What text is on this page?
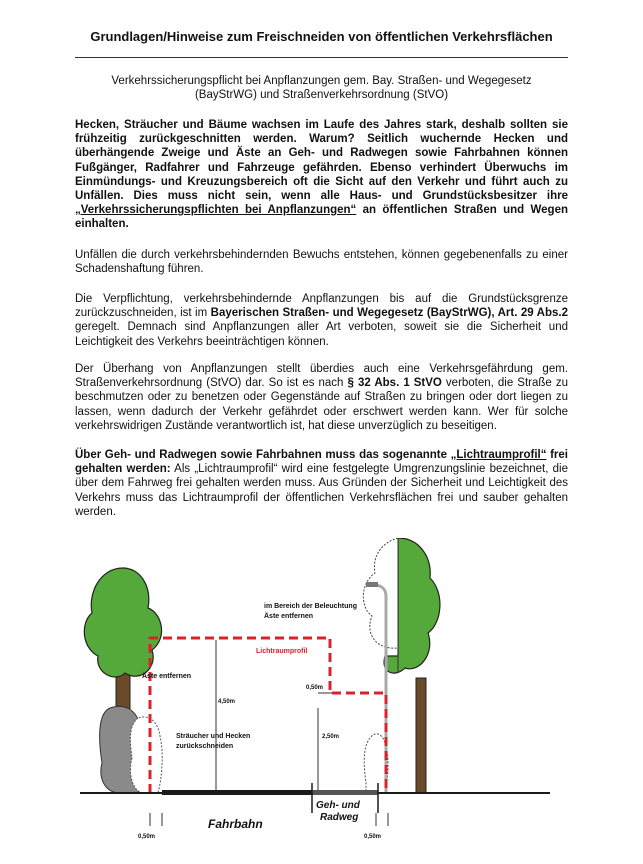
Grundlagen/Hinweise zum Freischneiden von öffentlichen Verkehrsflächen
Verkehrssicherungspflicht bei Anpflanzungen gem. Bay. Straßen- und Wegegesetz
(BayStrWG) und Straßenverkehrsordnung (StVO)
Hecken, Sträucher und Bäume wachsen im Laufe des Jahres stark, deshalb sollten sie frühzeitig zurückgeschnitten werden. Warum? Seitlich wuchernde Hecken und überhängende Zweige und Äste an Geh- und Radwegen sowie Fahrbahnen können Fußgänger, Radfahrer und Fahrzeuge gefährden. Ebenso verhindert Überwuchs im Einmündungs- und Kreuzungsbereich oft die Sicht auf den Verkehr und führt auch zu Unfällen. Dies muss nicht sein, wenn alle Haus- und Grundstücksbesitzer ihre „Verkehrssicherungspflichten bei Anpflanzungen“ an öffentlichen Straßen und Wegen einhalten.
Unfällen die durch verkehrsbehindernden Bewuchs entstehen, können gegebenenfalls zu einer Schadenshaftung führen.
Die Verpflichtung, verkehrsbehindernde Anpflanzungen bis auf die Grundstücksgrenze zurückzuschneiden, ist im Bayerischen Straßen- und Wegegesetz (BayStrWG), Art. 29 Abs.2 geregelt. Demnach sind Anpflanzungen aller Art verboten, soweit sie die Sicherheit und Leichtigkeit des Verkehrs beeinträchtigen können.
Der Überhang von Anpflanzungen stellt überdies auch eine Verkehrsgefährdung gem. Straßenverkehrsordnung (StVO) dar. So ist es nach § 32 Abs. 1 StVO verboten, die Straße zu beschmutzen oder zu benetzen oder Gegenstände auf Straßen zu bringen oder dort liegen zu lassen, wenn dadurch der Verkehr gefährdet oder erschwert werden kann. Wer für solche verkehrswidrigen Zustände verantwortlich ist, hat diese unverzüglich zu beseitigen.
Über Geh- und Radwegen sowie Fahrbahnen muss das sogenannte „Lichtraumprofil“ frei gehalten werden: Als „Lichtraumprofil“ wird eine festgelegte Umgrenzungslinie bezeichnet, die über dem Fahrweg frei gehalten werden muss. Aus Gründen der Sicherheit und Leichtigkeit des Verkehrs muss das Lichtraumprofil der öffentlichen Verkehrsflächen frei und sauber gehalten werden.
im Bereich der Beleuchtung
Äste entfernen
Lichtraumprofil
Äste entfernen
4,50m
0,50m
2,50m
Sträucher und Hecken
zurückschneiden
Geh- und
Radweg
Fahrbahn
0,50m	0,50m
